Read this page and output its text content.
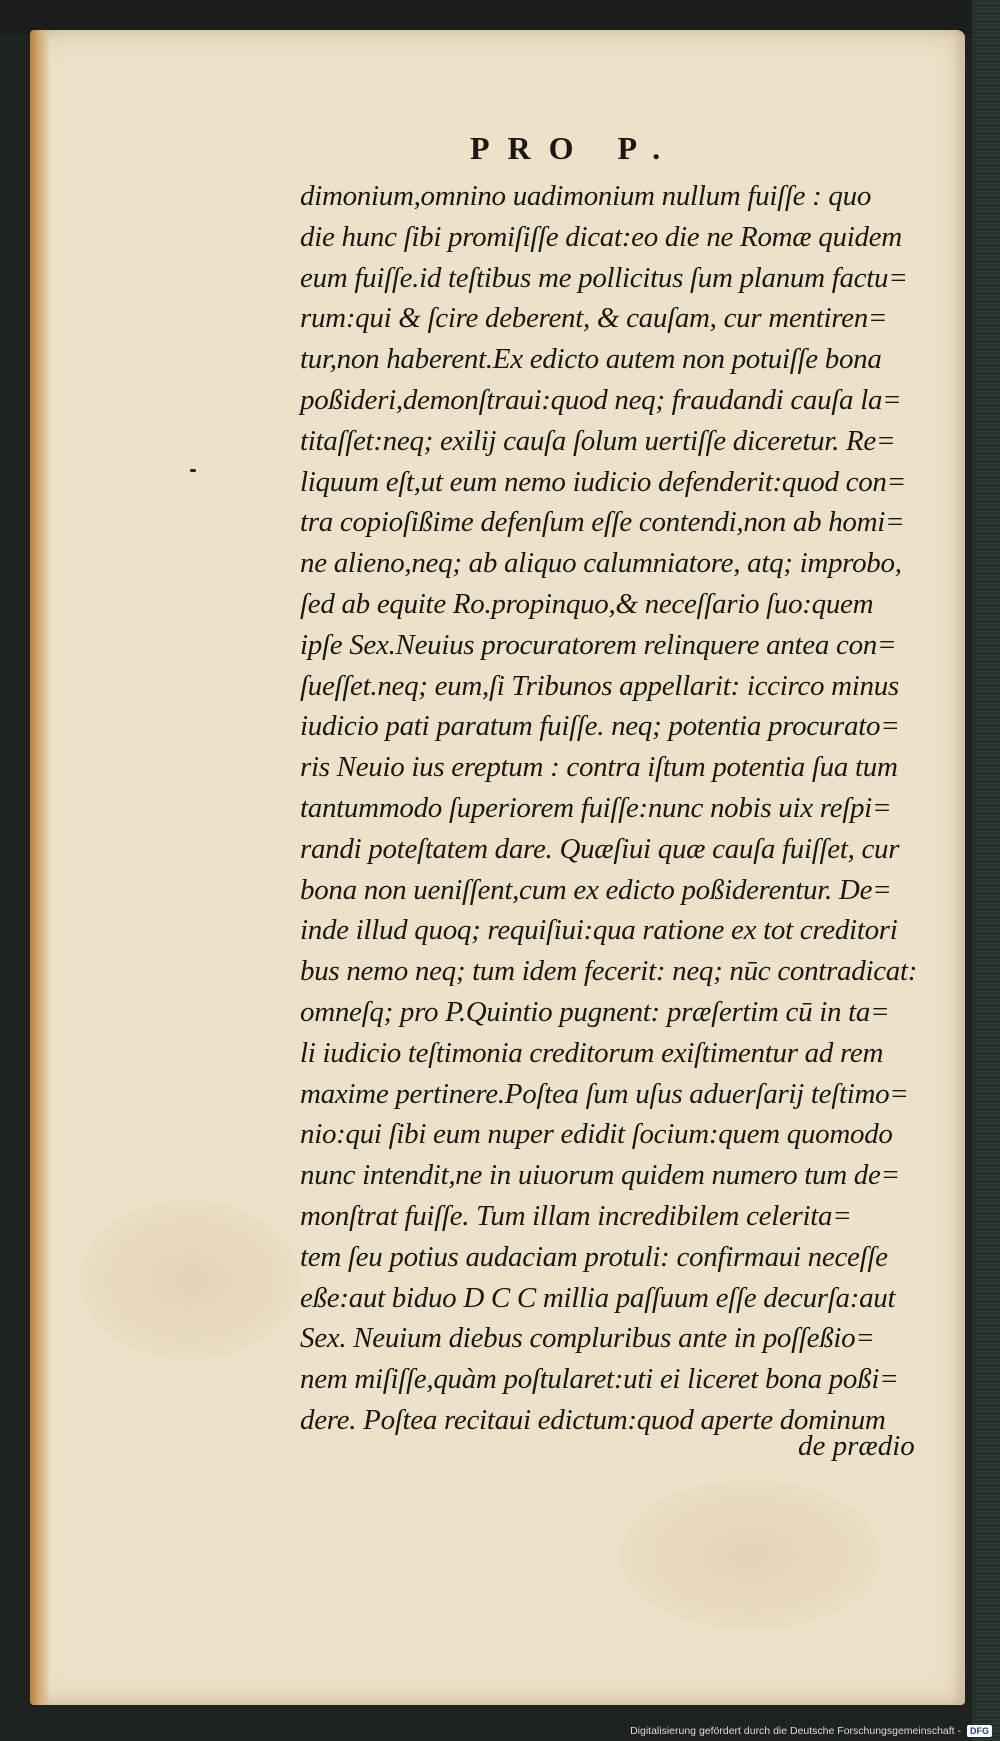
PRO P.
dimonium,omnino uadimonium nullum fuiſſe : quo
die hunc ſibi promiſiſſe dicat:eo die ne Romæ quidem
eum fuiſſe.id teſtibus me pollicitus ſum planum factu=
rum:qui & ſcire deberent, & cauſam, cur mentiren=
tur,non haberent.Ex edicto autem non potuiſſe bona
poßideri,demonſtraui:quod neq; fraudandi cauſa la=
titaſſet:neq; exilij cauſa ſolum uertiſſe diceretur. Re=
liquum eſt,ut eum nemo iudicio defenderit:quod con=
tra copioſißime defenſum eſſe contendi,non ab homi=
ne alieno,neq; ab aliquo calumniatore, atq; improbo,
ſed ab equite Ro.propinquo,& neceſſario ſuo:quem
ipſe Sex.Neuius procuratorem relinquere antea con=
ſueſſet.neq; eum,ſi Tribunos appellarit: iccirco minus
iudicio pati paratum fuiſſe. neq; potentia procurato=
ris Neuio ius ereptum : contra iſtum potentia ſua tum
tantummodo ſuperiorem fuiſſe:nunc nobis uix reſpi=
randi poteſtatem dare. Quæſiui quæ cauſa fuiſſet, cur
bona non ueniſſent,cum ex edicto poßiderentur. De=
inde illud quoq; requiſiui:qua ratione ex tot creditori
bus nemo neq; tum idem fecerit: neq; nūc contradicat:
omneſq; pro P.Quintio pugnent: præſertim cū in ta=
li iudicio teſtimonia creditorum exiſtimentur ad rem
maxime pertinere.Poſtea ſum uſus aduerſarij teſtimo=
nio:qui ſibi eum nuper edidit ſocium:quem quomodo
nunc intendit,ne in uiuorum quidem numero tum de=
monſtrat fuiſſe. Tum illam incredibilem celerita=
tem ſeu potius audaciam protuli: confirmaui neceſſe
eße:aut biduo D C C millia paſſuum eſſe decurſa:aut
Sex. Neuium diebus compluribus ante in poſſeßio=
nem miſiſſe,quàm poſtularet:uti ei liceret bona poßi=
dere. Poſtea recitaui edictum:quod aperte dominum
de prædio
Digitalisierung gefördert durch die Deutsche Forschungsgemeinschaft -	DFG
